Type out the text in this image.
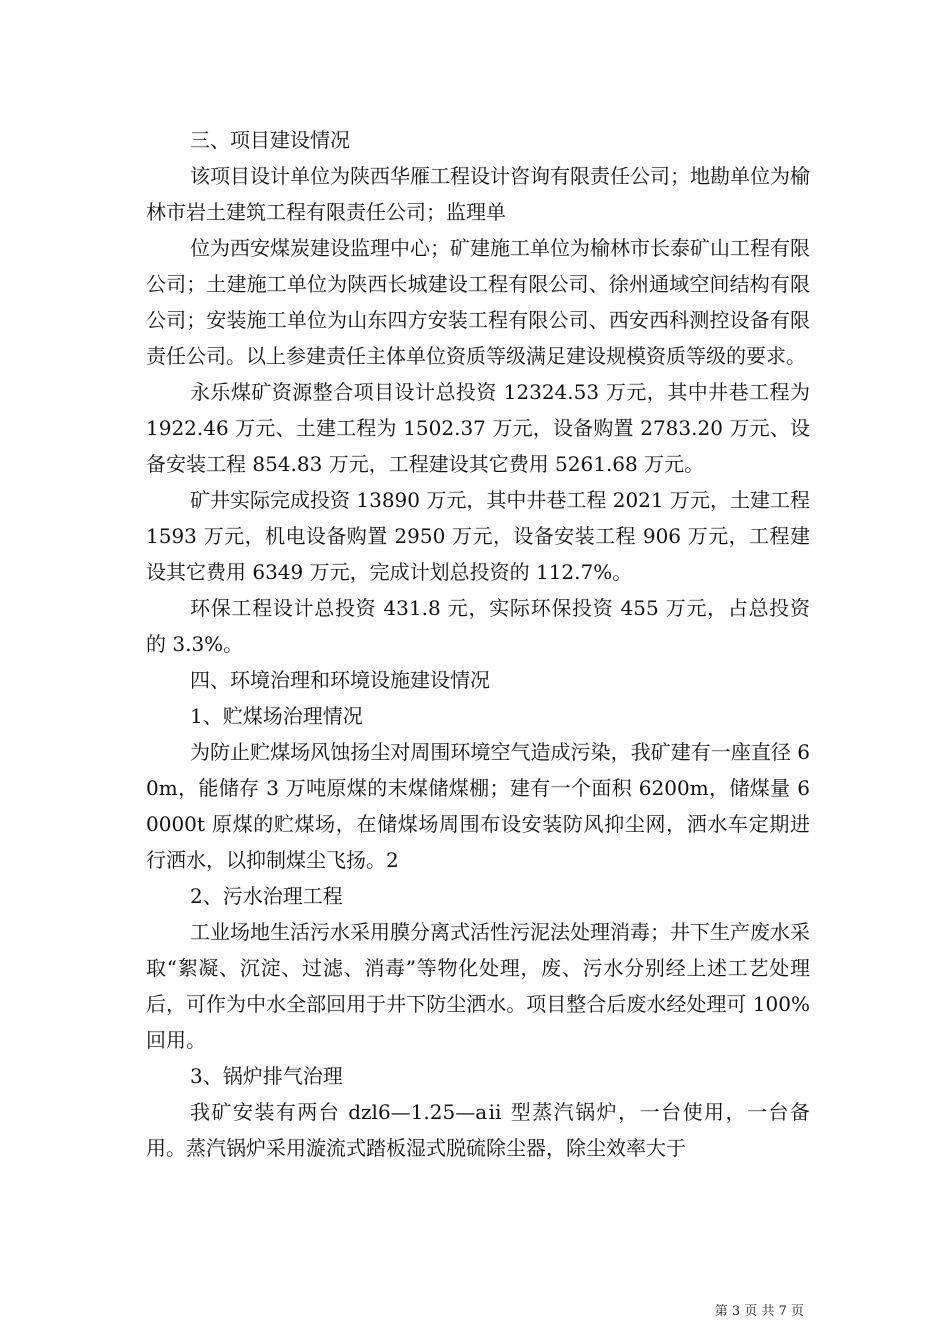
三、项目建设情况

该项目设计单位为陕西华雁工程设计咨询有限责任公司；地勘单位为榆林市岩土建筑工程有限责任公司；监理单

位为西安煤炭建设监理中心；矿建施工单位为榆林市长泰矿山工程有限公司；土建施工单位为陕西长城建设工程有限公司、徐州通域空间结构有限公司；安装施工单位为山东四方安装工程有限公司、西安西科测控设备有限责任公司。以上参建责任主体单位资质等级满足建设规模资质等级的要求。

永乐煤矿资源整合项目设计总投资 12324.53 万元，其中井巷工程为 1922.46 万元、土建工程为 1502.37 万元，设备购置 2783.20 万元、设备安装工程 854.83 万元，工程建设其它费用 5261.68 万元。

矿井实际完成投资 13890 万元，其中井巷工程 2021 万元，土建工程 1593 万元，机电设备购置 2950 万元，设备安装工程 906 万元，工程建设其它费用 6349 万元，完成计划总投资的 112.7%。

环保工程设计总投资 431.8 元，实际环保投资 455 万元，占总投资的 3.3%。

四、环境治理和环境设施建设情况

1、贮煤场治理情况

为防止贮煤场风蚀扬尘对周围环境空气造成污染，我矿建有一座直径 60m，能储存 3 万吨原煤的末煤储煤棚；建有一个面积 6200m，储煤量 60000t 原煤的贮煤场，在储煤场周围布设安装防风抑尘网，洒水车定期进行洒水，以抑制煤尘飞扬。2

2、污水治理工程

工业场地生活污水采用膜分离式活性污泥法处理消毒；井下生产废水采取“絮凝、沉淀、过滤、消毒”等物化处理，废、污水分别经上述工艺处理后，可作为中水全部回用于井下防尘洒水。项目整合后废水经处理可 100%回用。

3、锅炉排气治理

我矿安装有两台 dzl6—1.25—aⅱ 型蒸汽锅炉，一台使用，一台备用。蒸汽锅炉采用漩流式踏板湿式脱硫除尘器，除尘效率大于

第 3 页 共 7 页
